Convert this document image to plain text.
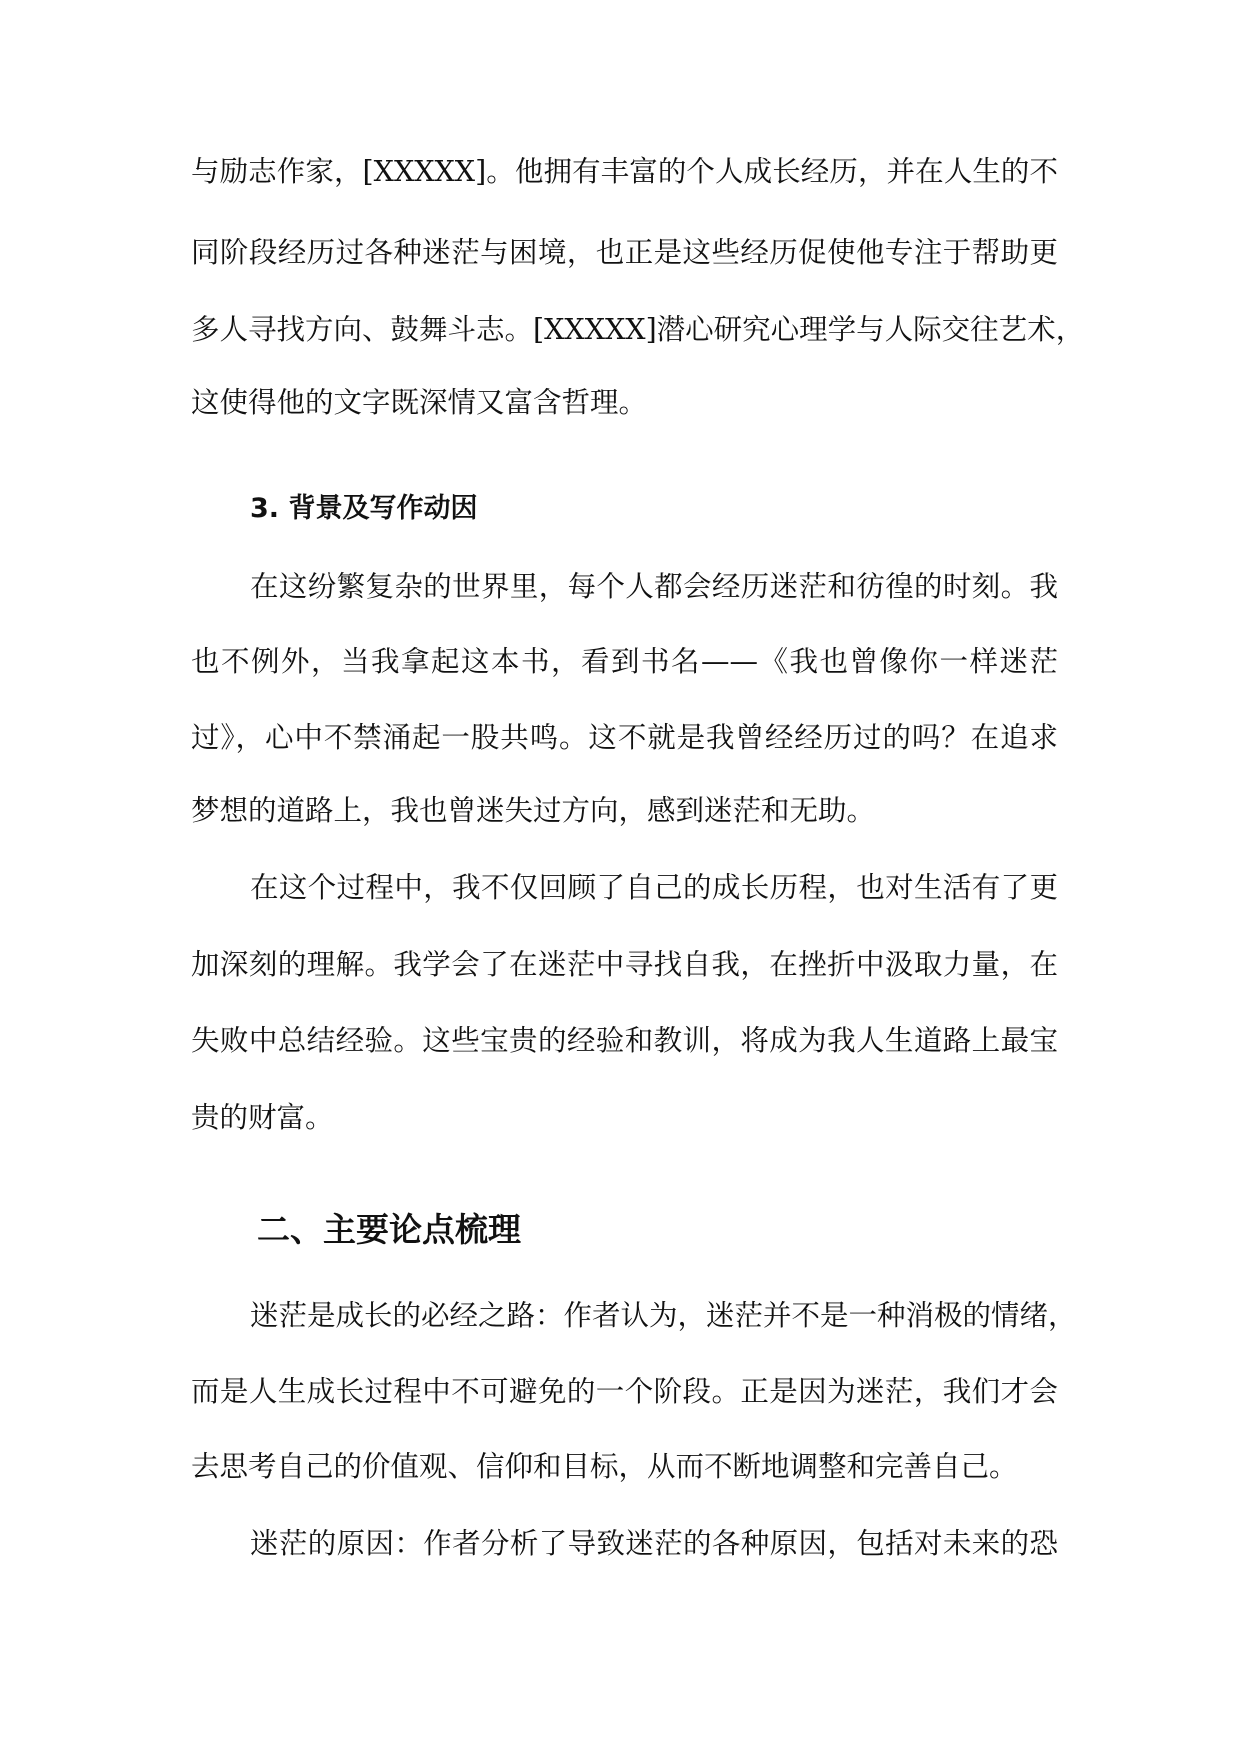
与励志作家，[XXXXX]。他拥有丰富的个人成长经历，并在人生的不
同阶段经历过各种迷茫与困境，也正是这些经历促使他专注于帮助更
多人寻找方向、鼓舞斗志。[XXXXX]潜心研究心理学与人际交往艺术，
这使得他的文字既深情又富含哲理。
3. 背景及写作动因
在这纷繁复杂的世界里，每个人都会经历迷茫和彷徨的时刻。我
也不例外，当我拿起这本书，看到书名——《我也曾像你一样迷茫
过》，心中不禁涌起一股共鸣。这不就是我曾经经历过的吗？在追求
梦想的道路上，我也曾迷失过方向，感到迷茫和无助。
在这个过程中，我不仅回顾了自己的成长历程，也对生活有了更
加深刻的理解。我学会了在迷茫中寻找自我，在挫折中汲取力量，在
失败中总结经验。这些宝贵的经验和教训，将成为我人生道路上最宝
贵的财富。
二、主要论点梳理
迷茫是成长的必经之路：作者认为，迷茫并不是一种消极的情绪，
而是人生成长过程中不可避免的一个阶段。正是因为迷茫，我们才会
去思考自己的价值观、信仰和目标，从而不断地调整和完善自己。
迷茫的原因：作者分析了导致迷茫的各种原因，包括对未来的恐
